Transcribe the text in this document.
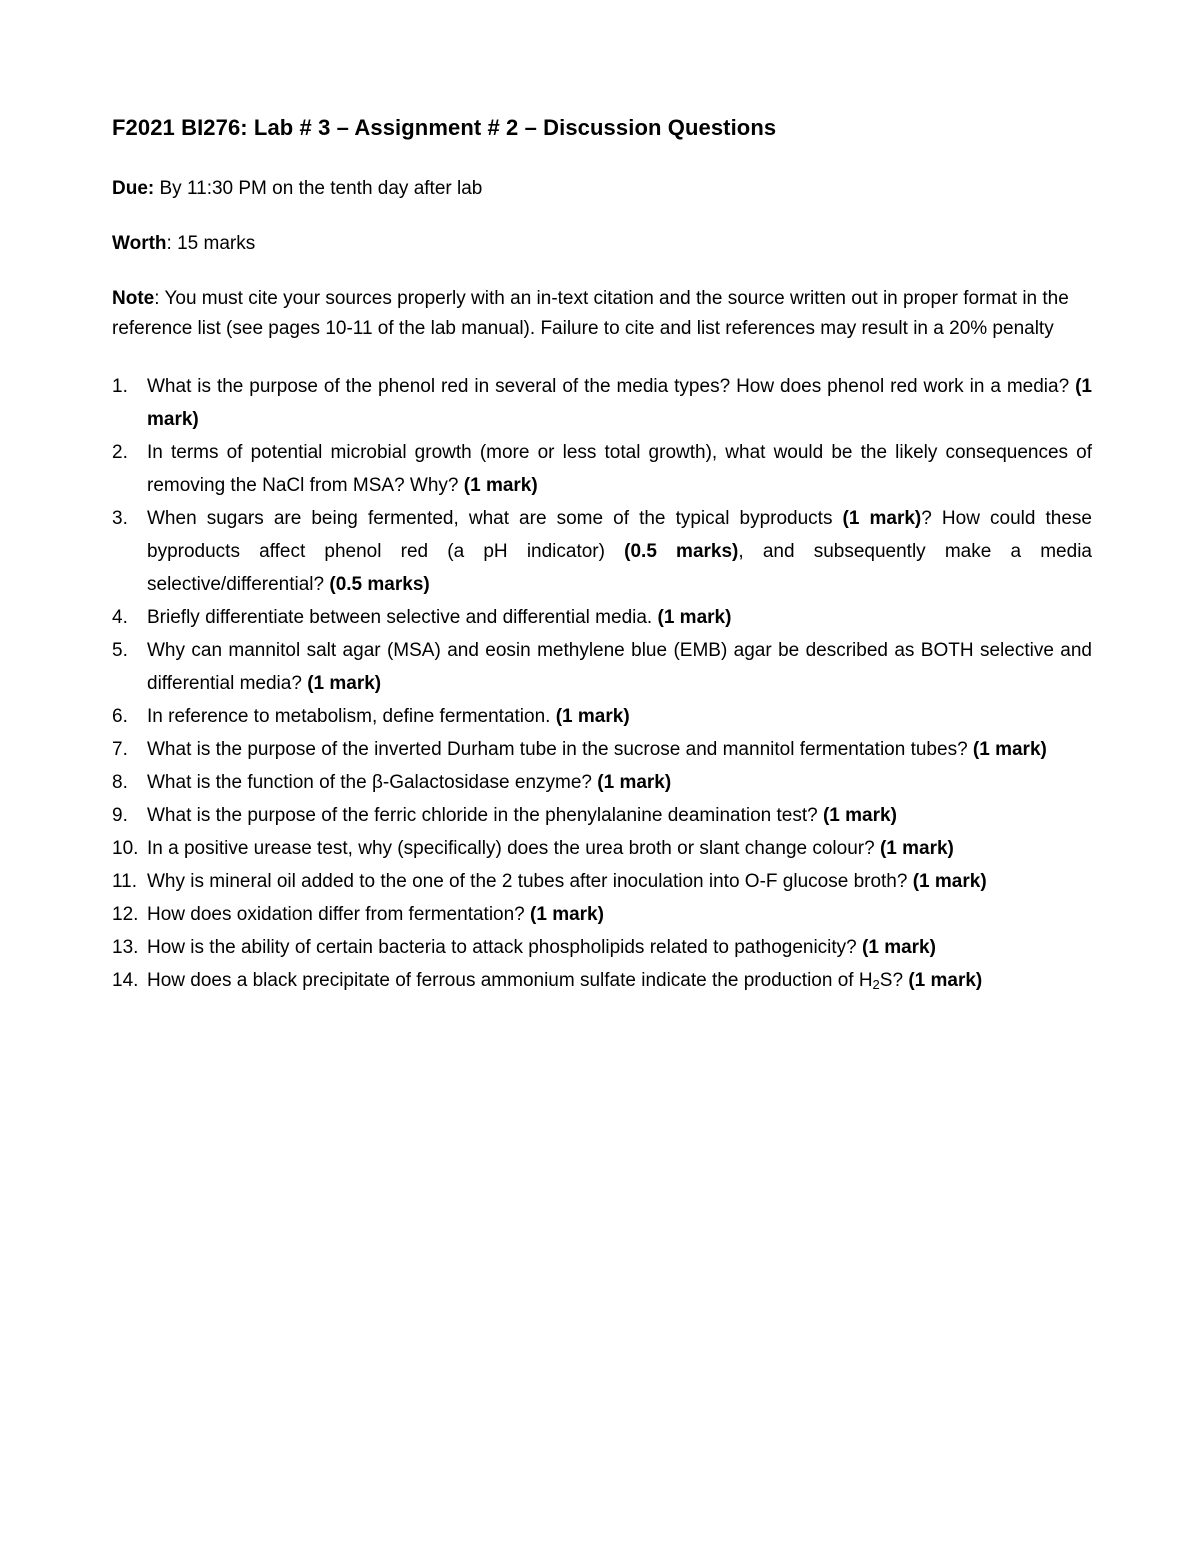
F2021 BI276: Lab # 3 – Assignment # 2 – Discussion Questions
Due: By 11:30 PM on the tenth day after lab
Worth: 15 marks
Note: You must cite your sources properly with an in-text citation and the source written out in proper format in the reference list (see pages 10-11 of the lab manual). Failure to cite and list references may result in a 20% penalty
1. What is the purpose of the phenol red in several of the media types? How does phenol red work in a media? (1 mark)
2. In terms of potential microbial growth (more or less total growth), what would be the likely consequences of removing the NaCl from MSA? Why? (1 mark)
3. When sugars are being fermented, what are some of the typical byproducts (1 mark)? How could these byproducts affect phenol red (a pH indicator) (0.5 marks), and subsequently make a media selective/differential? (0.5 marks)
4. Briefly differentiate between selective and differential media. (1 mark)
5. Why can mannitol salt agar (MSA) and eosin methylene blue (EMB) agar be described as BOTH selective and differential media? (1 mark)
6. In reference to metabolism, define fermentation. (1 mark)
7. What is the purpose of the inverted Durham tube in the sucrose and mannitol fermentation tubes? (1 mark)
8. What is the function of the β-Galactosidase enzyme? (1 mark)
9. What is the purpose of the ferric chloride in the phenylalanine deamination test? (1 mark)
10. In a positive urease test, why (specifically) does the urea broth or slant change colour? (1 mark)
11. Why is mineral oil added to the one of the 2 tubes after inoculation into O-F glucose broth? (1 mark)
12. How does oxidation differ from fermentation? (1 mark)
13. How is the ability of certain bacteria to attack phospholipids related to pathogenicity? (1 mark)
14. How does a black precipitate of ferrous ammonium sulfate indicate the production of $H_2S$? (1 mark)
